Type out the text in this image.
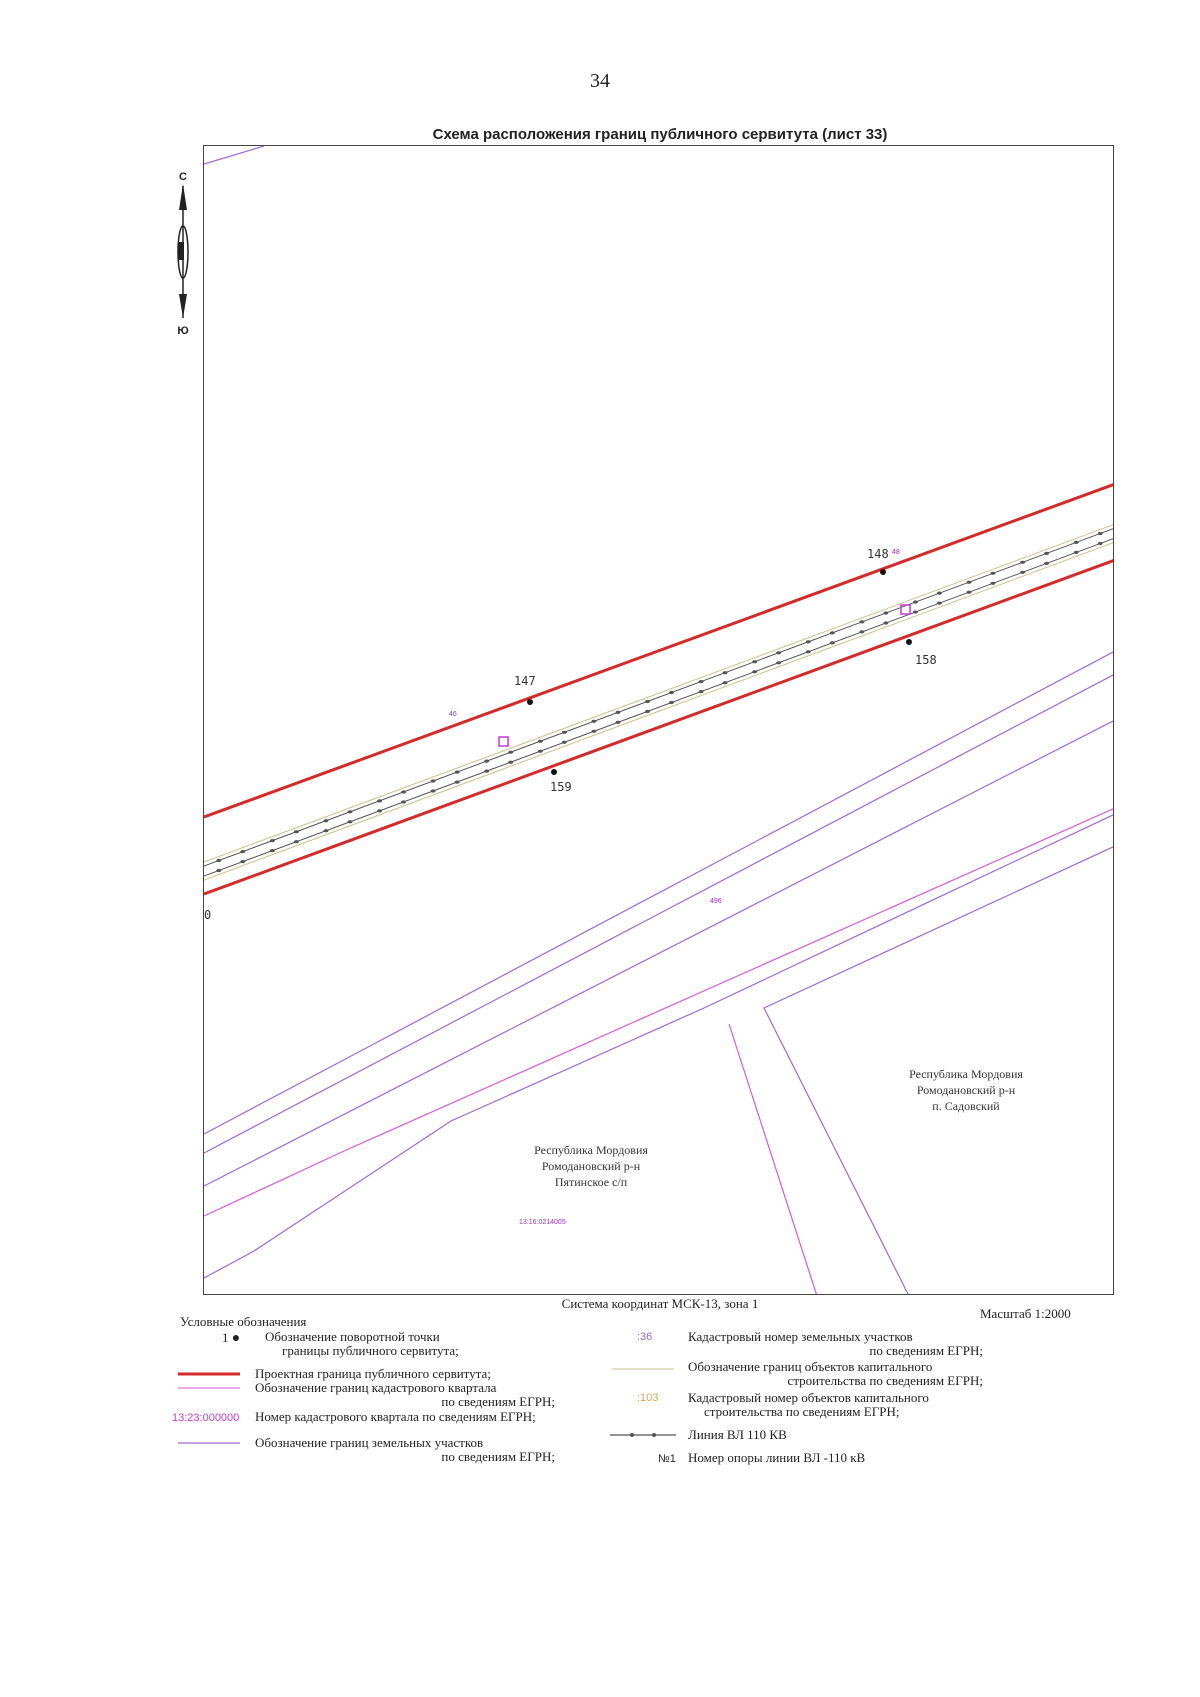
34
Схема расположения границ публичного сервитута (лист 33)
С
Ю
147
148
158
159
0
46
48
496
13:16:0214005
Республика Мордовия
Ромодановский р-н
п. Садовский
Республика Мордовия
Ромодановский р-н
Пятинское с/п
Система координат МСК-13, зона 1
Масштаб 1:2000
Условные обозначения
1 ● Обозначение поворотной точки
границы публичного сервитута;
Проектная граница публичного сервитута;
Обозначение границ кадастрового квартала
по сведениям ЕГРН;
13:23:000000 Номер кадастрового квартала по сведениям ЕГРН;
Обозначение границ земельных участков
по сведениям ЕГРН;
:36	Кадастровый номер земельных участков
по сведениям ЕГРН;
Обозначение границ объектов капитального
строительства по сведениям ЕГРН;
:103 Кадастровый номер объектов капитального
строительства по сведениям ЕГРН;
Линия ВЛ 110 КВ
№1 Номер опоры линии ВЛ -110 кВ
